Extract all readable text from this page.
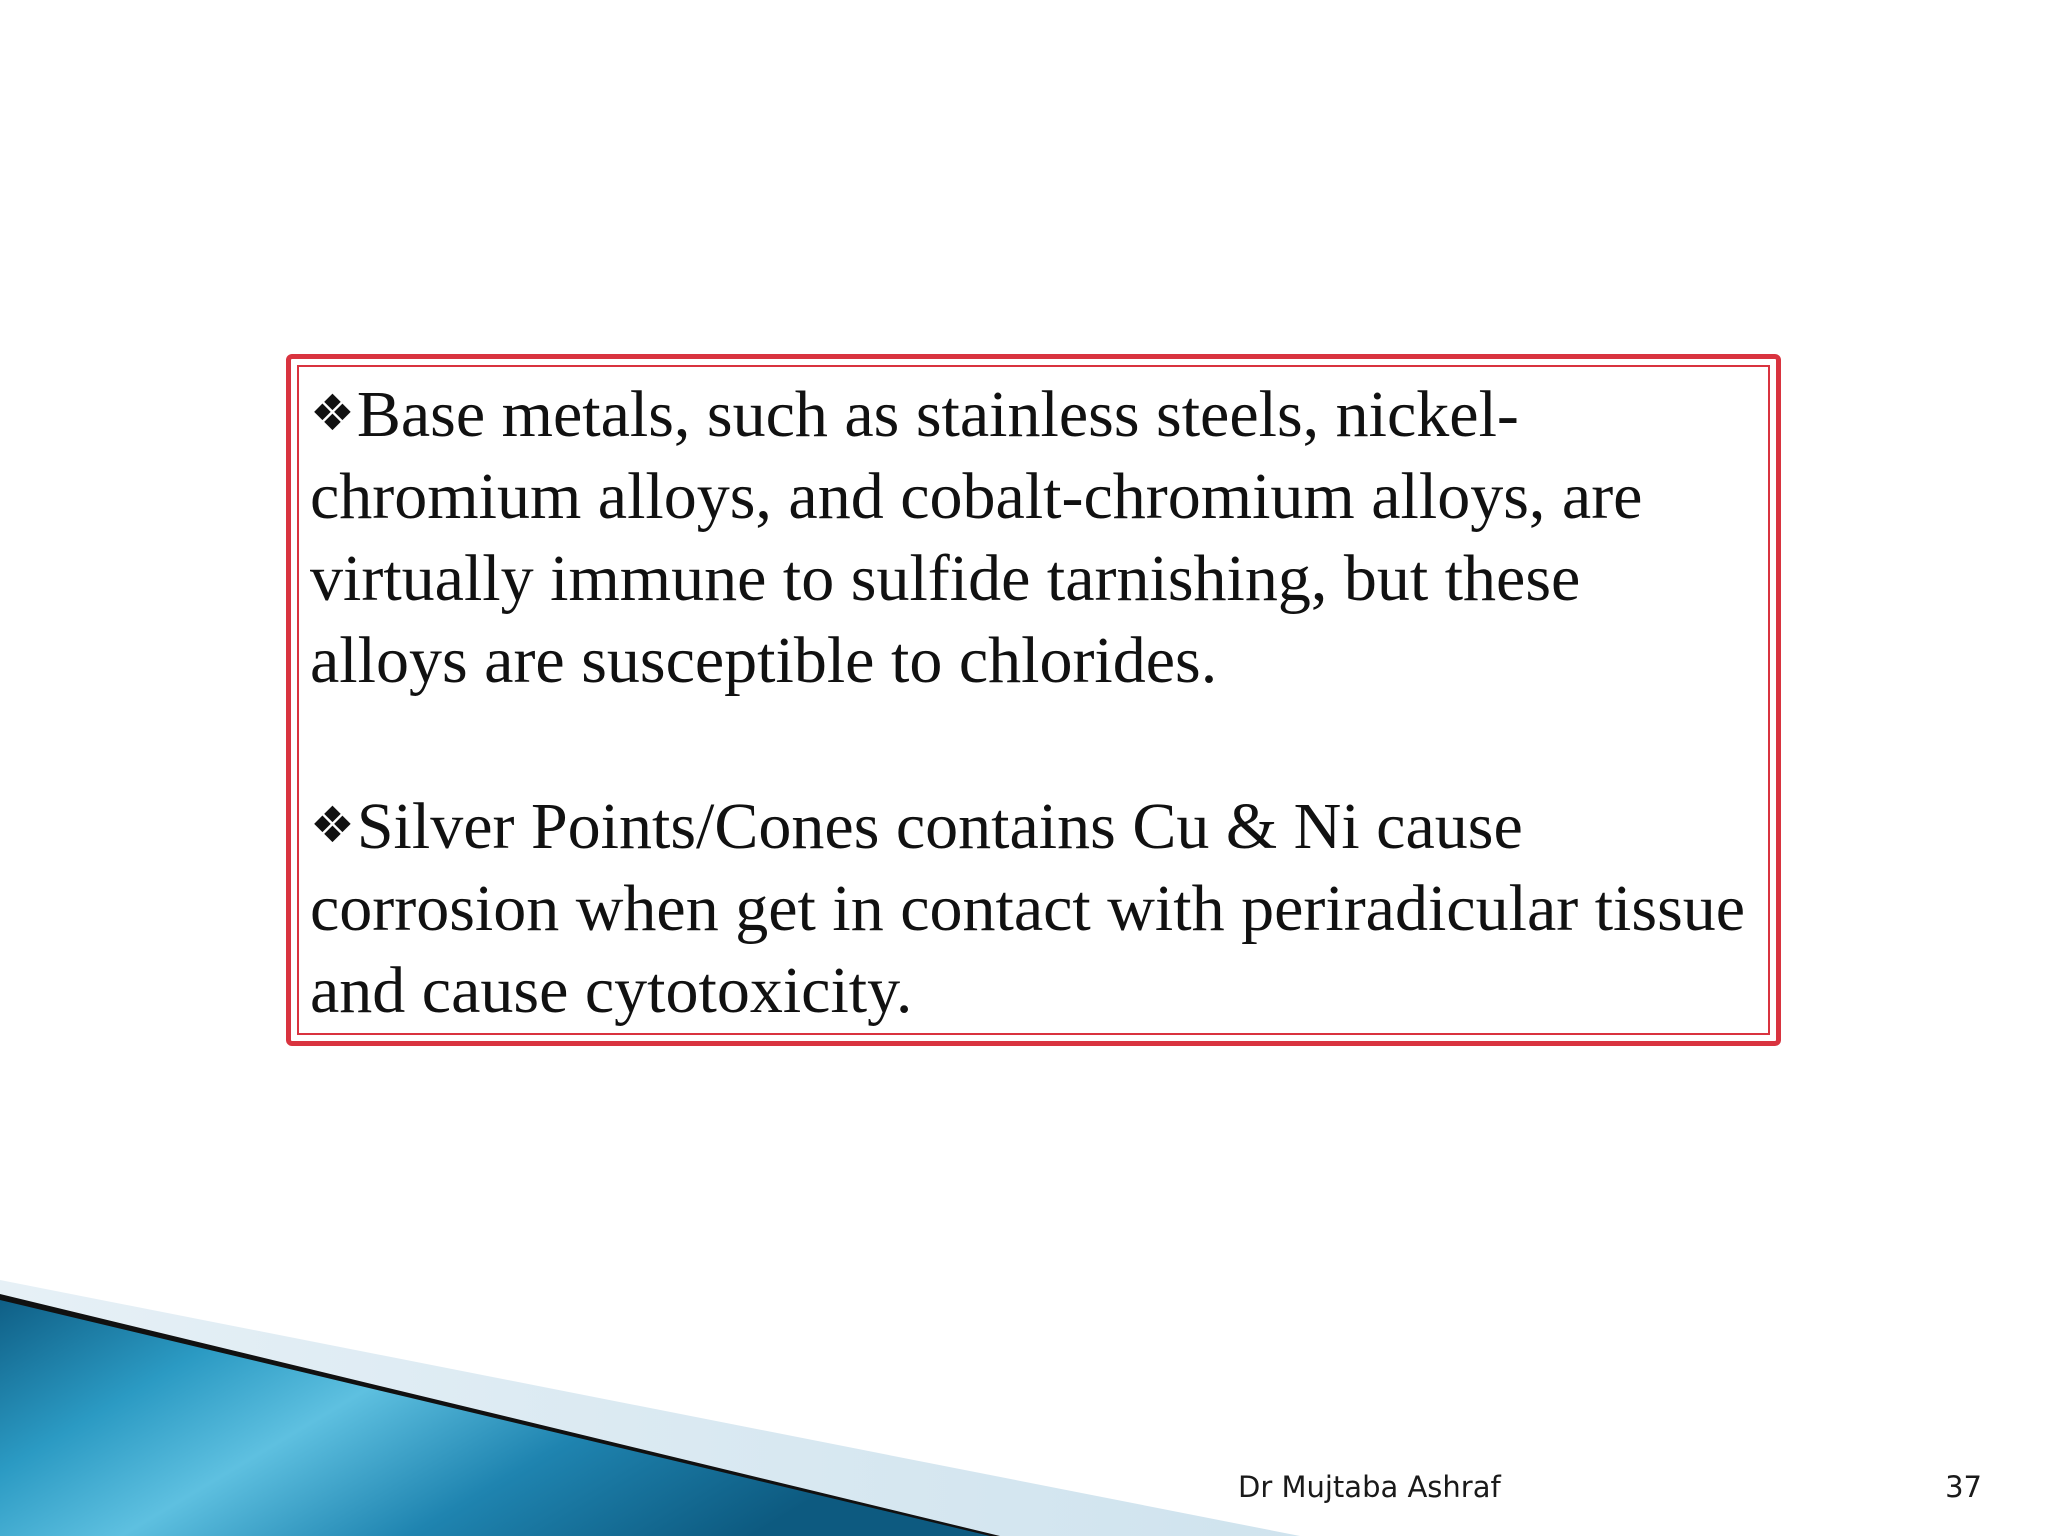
❖Base metals, such as stainless steels, nickel-chromium alloys, and cobalt-chromium alloys, are virtually immune to sulfide tarnishing, but these alloys are susceptible to chlorides.

❖Silver Points/Cones contains Cu & Ni cause corrosion when get in contact with periradicular tissue and cause cytotoxicity.

Dr Mujtaba Ashraf	37
